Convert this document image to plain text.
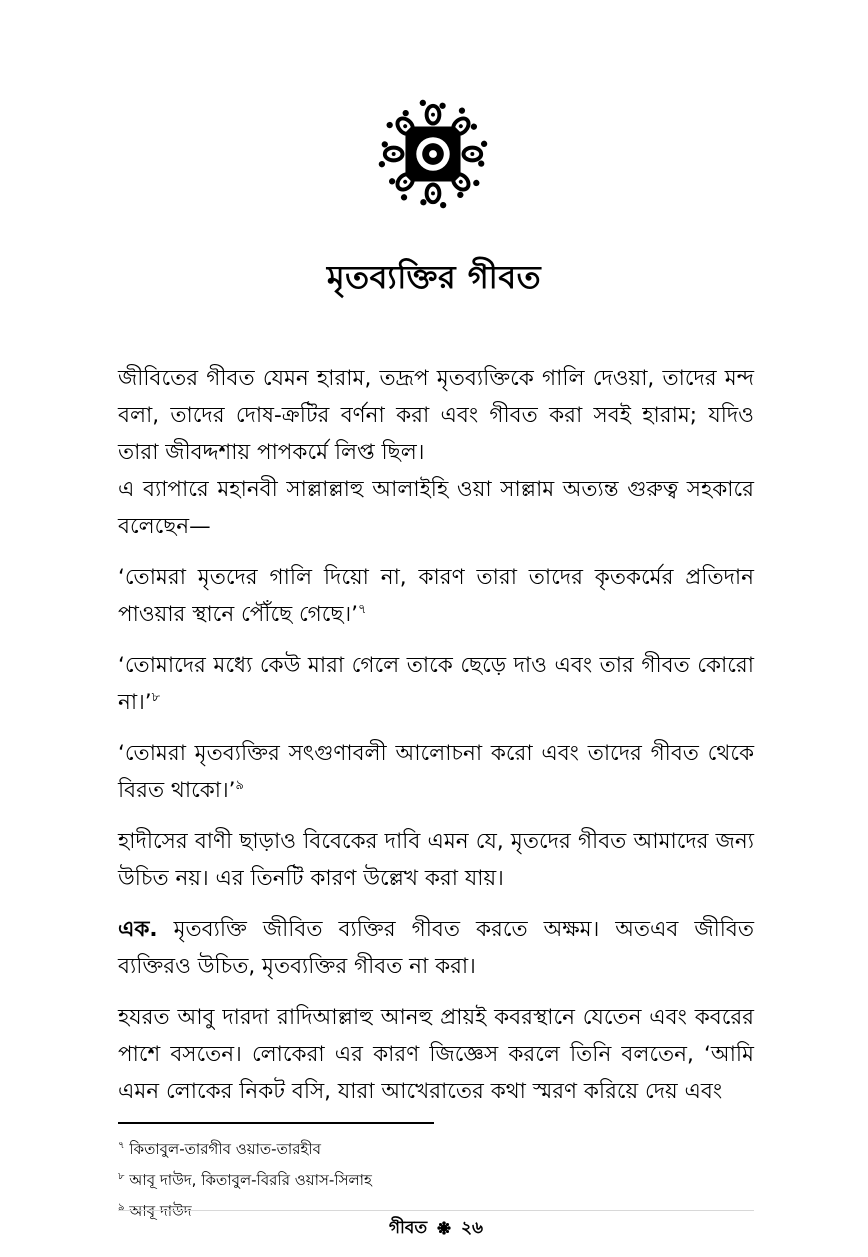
মৃতব্যক্তির গীবত

জীবিতের গীবত যেমন হারাম, তদ্রূপ মৃতব্যক্তিকে গালি দেওয়া, তাদের মন্দ বলা, তাদের দোষ-ক্রটির বর্ণনা করা এবং গীবত করা সবই হারাম; যদিও তারা জীবদ্দশায় পাপকর্মে লিপ্ত ছিল।

এ ব্যাপারে মহানবী সাল্লাল্লাহু আলাইহি ওয়া সাল্লাম অত্যন্ত গুরুত্ব সহকারে বলেছেন—

‘তোমরা মৃতদের গালি দিয়ো না, কারণ তারা তাদের কৃতকর্মের প্রতিদান পাওয়ার স্থানে পৌঁছে গেছে।’$^৭$

‘তোমাদের মধ্যে কেউ মারা গেলে তাকে ছেড়ে দাও এবং তার গীবত কোরো না।’$^৮$

‘তোমরা মৃতব্যক্তির সৎগুণাবলী আলোচনা করো এবং তাদের গীবত থেকে বিরত থাকো।’$^৯$

হাদীসের বাণী ছাড়াও বিবেকের দাবি এমন যে, মৃতদের গীবত আমাদের জন্য উচিত নয়। এর তিনটি কারণ উল্লেখ করা যায়।

এক. মৃতব্যক্তি জীবিত ব্যক্তির গীবত করতে অক্ষম। অতএব জীবিত ব্যক্তিরও উচিত, মৃতব্যক্তির গীবত না করা।

হযরত আবু দারদা রাদিআল্লাহু আনহু প্রায়ই কবরস্থানে যেতেন এবং কবরের পাশে বসতেন। লোকেরা এর কারণ জিজ্ঞেস করলে তিনি বলতেন, ‘আমি এমন লোকের নিকট বসি, যারা আখেরাতের কথা স্মরণ করিয়ে দেয় এবং

$^৭$ কিতাবুল-তারগীব ওয়াত-তারহীব
$^৮$ আবূ দাউদ, কিতাবুল-বিররি ওয়াস-সিলাহ
$^৯$ আবূ দাউদ
গীবত ২৬
